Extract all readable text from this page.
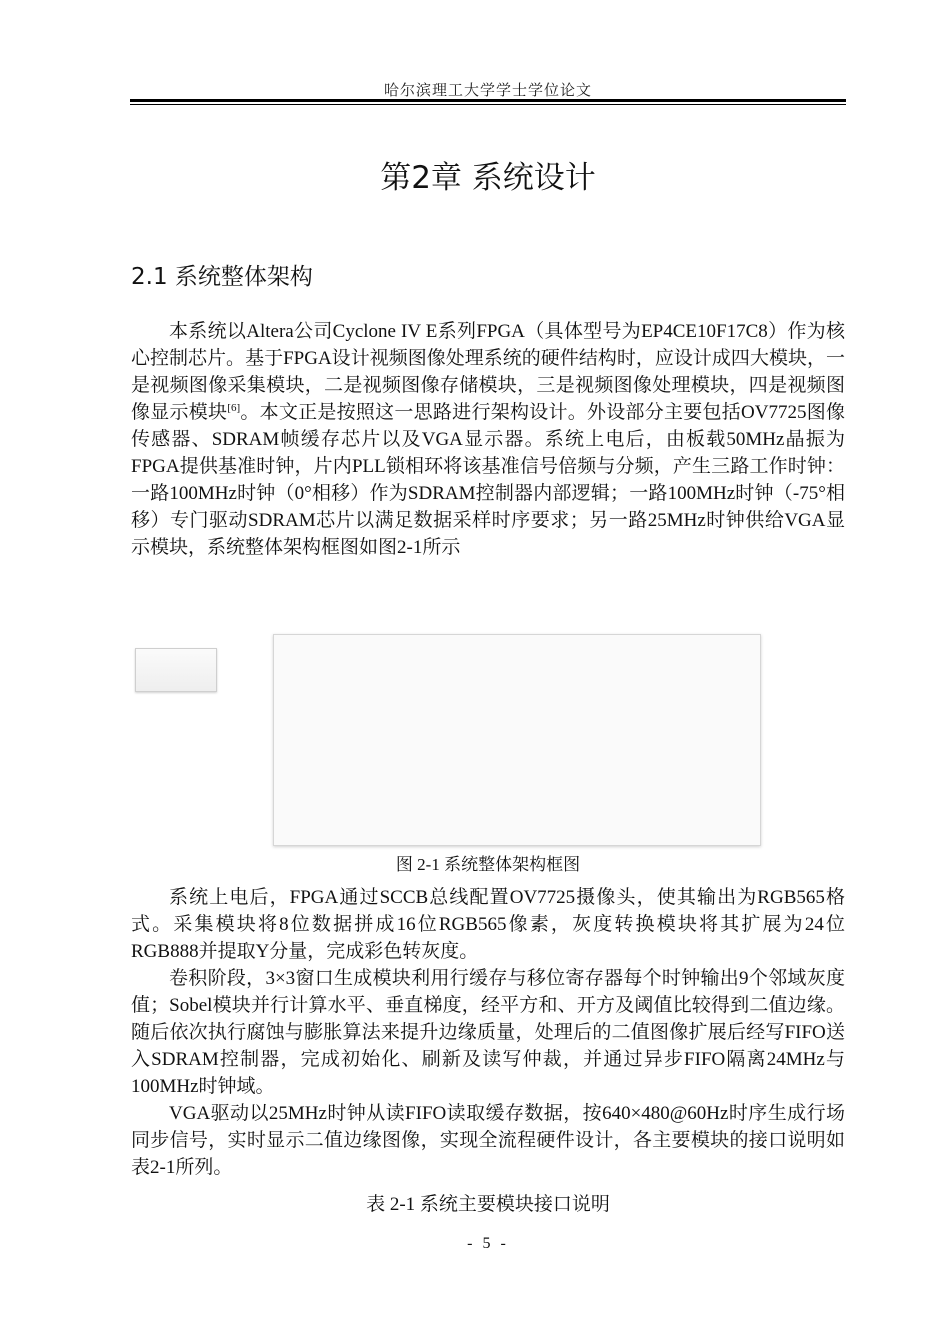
哈尔滨理工大学学士学位论文
第2章 系统设计
2.1 系统整体架构

本系统以Altera公司Cyclone IV E系列FPGA（具体型号为EP4CE10F17C8）作为核心控制芯片。基于FPGA设计视频图像处理系统的硬件结构时，应设计成四大模块，一是视频图像采集模块，二是视频图像存储模块，三是视频图像处理模块，四是视频图像显示模块[6]。本文正是按照这一思路进行架构设计。外设部分主要包括OV7725图像传感器、SDRAM帧缓存芯片以及VGA显示器。系统上电后，由板载50MHz晶振为FPGA提供基准时钟，片内PLL锁相环将该基准信号倍频与分频，产生三路工作时钟：一路100MHz时钟（0°相移）作为SDRAM控制器内部逻辑；一路100MHz时钟（-75°相移）专门驱动SDRAM芯片以满足数据采样时序要求；另一路25MHz时钟供给VGA显示模块，系统整体架构框图如图2-1所示

图 2-1 系统整体架构框图

系统上电后，FPGA通过SCCB总线配置OV7725摄像头，使其输出为RGB565格式。采集模块将8位数据拼成16位RGB565像素，灰度转换模块将其扩展为24位RGB888并提取Y分量，完成彩色转灰度。

卷积阶段，3×3窗口生成模块利用行缓存与移位寄存器每个时钟输出9个邻域灰度值；Sobel模块并行计算水平、垂直梯度，经平方和、开方及阈值比较得到二值边缘。随后依次执行腐蚀与膨胀算法来提升边缘质量，处理后的二值图像扩展后经写FIFO送入SDRAM控制器，完成初始化、刷新及读写仲裁，并通过异步FIFO隔离24MHz与100MHz时钟域。

VGA驱动以25MHz时钟从读FIFO读取缓存数据，按640×480@60Hz时序生成行场同步信号，实时显示二值边缘图像，实现全流程硬件设计，各主要模块的接口说明如表2-1所列。

表 2-1 系统主要模块接口说明
- 5 -
